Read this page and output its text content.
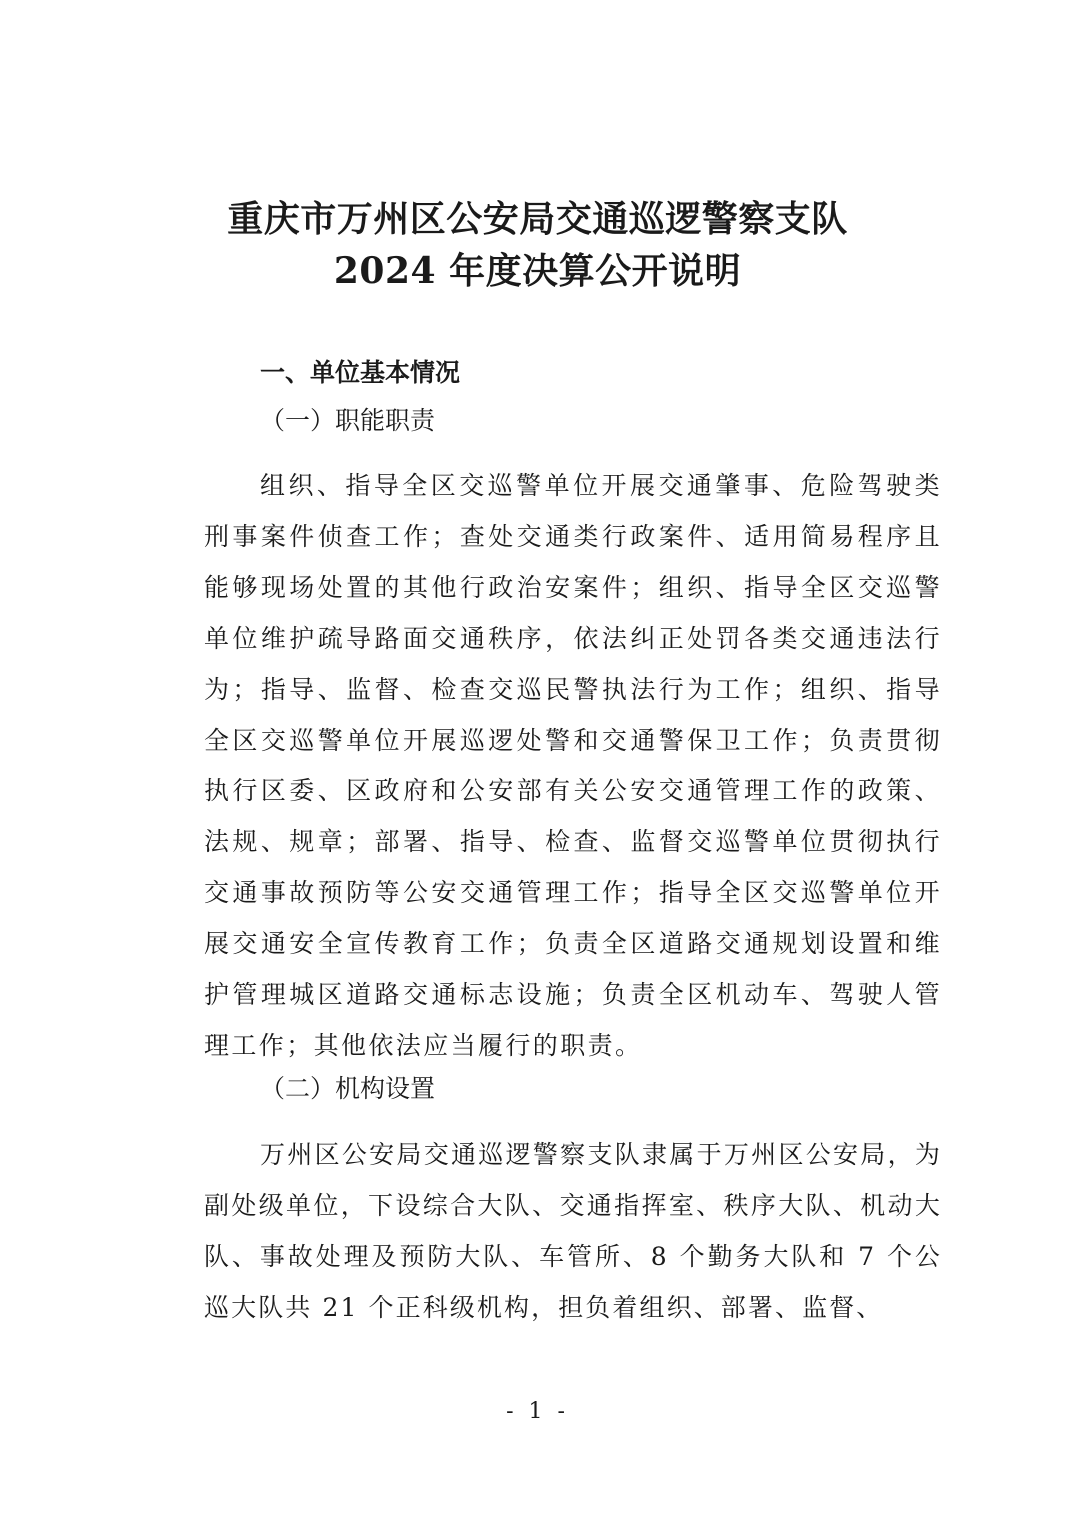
重庆市万州区公安局交通巡逻警察支队
2024 年度决算公开说明
一、单位基本情况
（一）职能职责

组织、指导全区交巡警单位开展交通肇事、危险驾驶类刑事案件侦查工作；查处交通类行政案件、适用简易程序且能够现场处置的其他行政治安案件；组织、指导全区交巡警单位维护疏导路面交通秩序，依法纠正处罚各类交通违法行为；指导、监督、检查交巡民警执法行为工作；组织、指导全区交巡警单位开展巡逻处警和交通警保卫工作；负责贯彻执行区委、区政府和公安部有关公安交通管理工作的政策、法规、规章；部署、指导、检查、监督交巡警单位贯彻执行交通事故预防等公安交通管理工作；指导全区交巡警单位开展交通安全宣传教育工作；负责全区道路交通规划设置和维护管理城区道路交通标志设施；负责全区机动车、驾驶人管理工作；其他依法应当履行的职责。

（二）机构设置

万州区公安局交通巡逻警察支队隶属于万州区公安局，为副处级单位，下设综合大队、交通指挥室、秩序大队、机动大队、事故处理及预防大队、车管所、8 个勤务大队和 7 个公巡大队共 21 个正科级机构，担负着组织、部署、监督、

- 1 -
